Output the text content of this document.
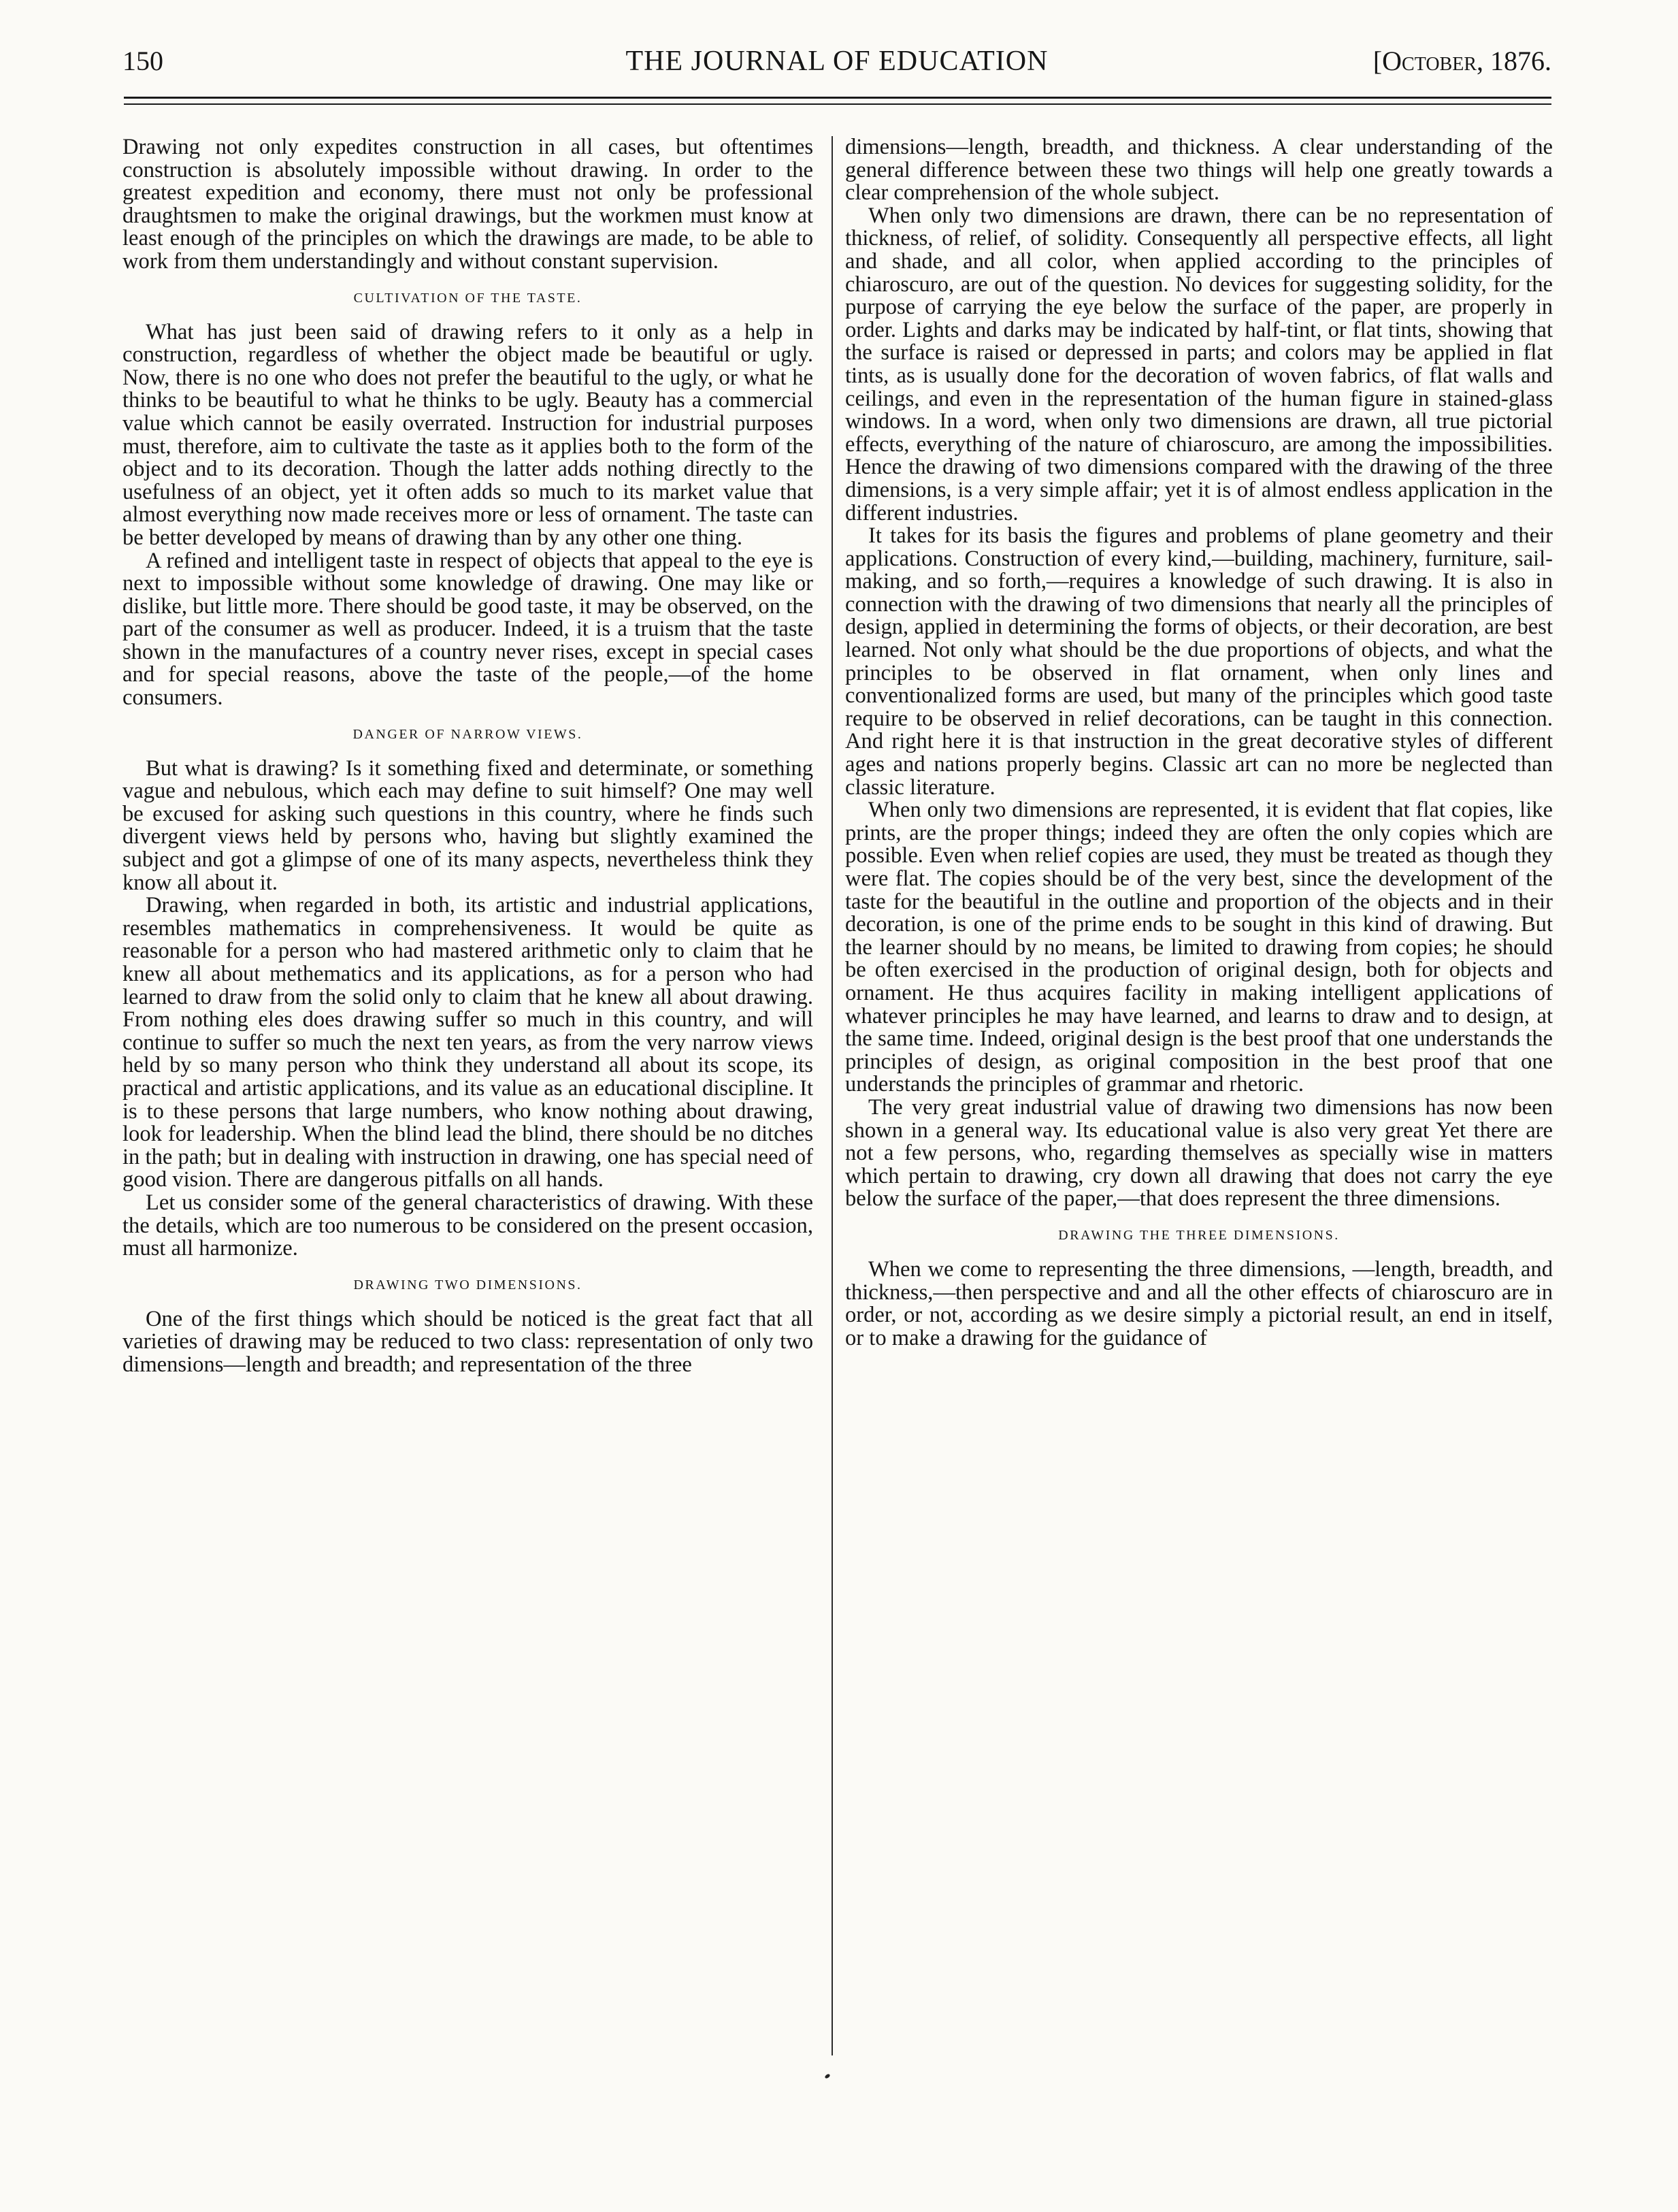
150	THE JOURNAL OF EDUCATION	[October, 1876.

Drawing not only expedites construction in all cases, but oftentimes construction is absolutely impossible without drawing. In order to the greatest expedition and economy, there must not only be professional draughtsmen to make the original drawings, but the workmen must know at least enough of the principles on which the drawings are made, to be able to work from them understandingly and without constant supervision.

CULTIVATION OF THE TASTE.

What has just been said of drawing refers to it only as a help in construction, regardless of whether the object made be beautiful or ugly. Now, there is no one who does not prefer the beautiful to the ugly, or what he thinks to be beautiful to what he thinks to be ugly. Beauty has a commercial value which cannot be easily overrated. Instruction for industrial purposes must, therefore, aim to cultivate the taste as it applies both to the form of the object and to its decoration. Though the latter adds nothing directly to the usefulness of an object, yet it often adds so much to its market value that almost everything now made receives more or less of ornament. The taste can be better developed by means of drawing than by any other one thing.

A refined and intelligent taste in respect of objects that appeal to the eye is next to impossible without some knowledge of drawing. One may like or dislike, but little more. There should be good taste, it may be observed, on the part of the consumer as well as producer. Indeed, it is a truism that the taste shown in the manufactures of a country never rises, except in special cases and for special reasons, above the taste of the people,—of the home consumers.

DANGER OF NARROW VIEWS.

But what is drawing? Is it something fixed and determinate, or something vague and nebulous, which each may define to suit himself? One may well be excused for asking such questions in this country, where he finds such divergent views held by persons who, having but slightly examined the subject and got a glimpse of one of its many aspects, nevertheless think they know all about it.

Drawing, when regarded in both, its artistic and industrial applications, resembles mathematics in comprehensiveness. It would be quite as reasonable for a person who had mastered arithmetic only to claim that he knew all about methematics and its applications, as for a person who had learned to draw from the solid only to claim that he knew all about drawing. From nothing eles does drawing suffer so much in this country, and will continue to suffer so much the next ten years, as from the very narrow views held by so many person who think they understand all about its scope, its practical and artistic applications, and its value as an educational discipline. It is to these persons that large numbers, who know nothing about drawing, look for leadership. When the blind lead the blind, there should be no ditches in the path; but in dealing with instruction in drawing, one has special need of good vision. There are dangerous pitfalls on all hands.

Let us consider some of the general characteristics of drawing. With these the details, which are too numerous to be considered on the present occasion, must all harmonize.

DRAWING TWO DIMENSIONS.

One of the first things which should be noticed is the great fact that all varieties of drawing may be reduced to two class: representation of only two dimensions—length and breadth; and representation of the three

dimensions—length, breadth, and thickness. A clear understanding of the general difference between these two things will help one greatly towards a clear comprehension of the whole subject.

When only two dimensions are drawn, there can be no representation of thickness, of relief, of solidity. Consequently all perspective effects, all light and shade, and all color, when applied according to the principles of chiaroscuro, are out of the question. No devices for suggesting solidity, for the purpose of carrying the eye below the surface of the paper, are properly in order. Lights and darks may be indicated by half-tint, or flat tints, showing that the surface is raised or depressed in parts; and colors may be applied in flat tints, as is usually done for the decoration of woven fabrics, of flat walls and ceilings, and even in the representation of the human figure in stained-glass windows. In a word, when only two dimensions are drawn, all true pictorial effects, everything of the nature of chiaroscuro, are among the impossibilities. Hence the drawing of two dimensions compared with the drawing of the three dimensions, is a very simple affair; yet it is of almost endless application in the different industries.

It takes for its basis the figures and problems of plane geometry and their applications. Construction of every kind,—building, machinery, furniture, sail-making, and so forth,—requires a knowledge of such drawing. It is also in connection with the drawing of two dimensions that nearly all the principles of design, applied in determining the forms of objects, or their decoration, are best learned. Not only what should be the due proportions of objects, and what the principles to be observed in flat ornament, when only lines and conventionalized forms are used, but many of the principles which good taste require to be observed in relief decorations, can be taught in this connection. And right here it is that instruction in the great decorative styles of different ages and nations properly begins. Classic art can no more be neglected than classic literature.

When only two dimensions are represented, it is evident that flat copies, like prints, are the proper things; indeed they are often the only copies which are possible. Even when relief copies are used, they must be treated as though they were flat. The copies should be of the very best, since the development of the taste for the beautiful in the outline and proportion of the objects and in their decoration, is one of the prime ends to be sought in this kind of drawing. But the learner should by no means, be limited to drawing from copies; he should be often exercised in the production of original design, both for objects and ornament. He thus acquires facility in making intelligent applications of whatever principles he may have learned, and learns to draw and to design, at the same time. Indeed, original design is the best proof that one understands the principles of design, as original composition in the best proof that one understands the principles of grammar and rhetoric.

The very great industrial value of drawing two dimensions has now been shown in a general way. Its educational value is also very great Yet there are not a few persons, who, regarding themselves as specially wise in matters which pertain to drawing, cry down all drawing that does not carry the eye below the surface of the paper,—that does represent the three dimensions.

DRAWING THE THREE DIMENSIONS.

When we come to representing the three dimensions, —length, breadth, and thickness,—then perspective and and all the other effects of chiaroscuro are in order, or not, according as we desire simply a pictorial result, an end in itself, or to make a drawing for the guidance of
